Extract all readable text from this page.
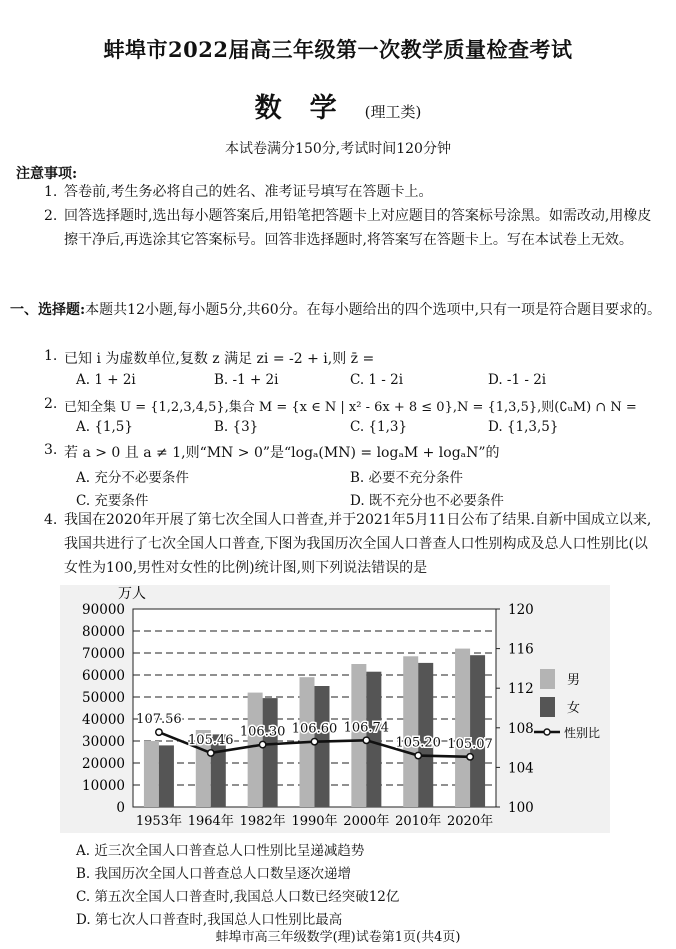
蚌埠市2022届高三年级第一次教学质量检查考试
数学(理工类)
本试卷满分150分,考试时间120分钟
注意事项:
1. 答卷前,考生务必将自己的姓名、准考证号填写在答题卡上。
2. 回答选择题时,选出每小题答案后,用铅笔把答题卡上对应题目的答案标号涂黑。如需改动,用橡皮擦干净后,再选涂其它答案标号。回答非选择题时,将答案写在答题卡上。写在本试卷上无效。
一、选择题:本题共12小题,每小题5分,共60分。在每小题给出的四个选项中,只有一项是符合题目要求的。
1. 已知 i 为虚数单位,复数 z 满足 zi = -2 + i,则 z̄ =
A. 1 + 2i	B. -1 + 2i	C. 1 - 2i	D. -1 - 2i
2. 已知全集 U = {1,2,3,4,5},集合 M = {x ∈ N | x² - 6x + 8 ≤ 0},N = {1,3,5},则(∁ᵤM) ∩ N =
A. {1,5}	B. {3}	C. {1,3}	D. {1,3,5}
3. 若 a > 0 且 a ≠ 1,则“MN > 0”是“logₐ(MN) = logₐM + logₐN”的
A. 充分不必要条件	B. 必要不充分条件
C. 充要条件	D. 既不充分也不必要条件
4. 我国在2020年开展了第七次全国人口普查,并于2021年5月11日公布了结果.自新中国成立以来,我国共进行了七次全国人口普查,下图为我国历次全国人口普查人口性别构成及总人口性别比(以女性为100,男性对女性的比例)统计图,则下列说法错误的是
107.56
105.46
106.30 106.60 106.74
105.20 105.07
0
10000
20000
30000
40000
50000
60000
70000
80000
90000
100
104
108
112
116
120
1953年 1964年 1982年 1990年 2000年 2010年 2020年
万人
男
女
性别比
A. 近三次全国人口普查总人口性别比呈递减趋势
B. 我国历次全国人口普查总人口数呈逐次递增
C. 第五次全国人口普查时,我国总人口数已经突破12亿
D. 第七次人口普查时,我国总人口性别比最高
蚌埠市高三年级数学(理)试卷第1页(共4页)
